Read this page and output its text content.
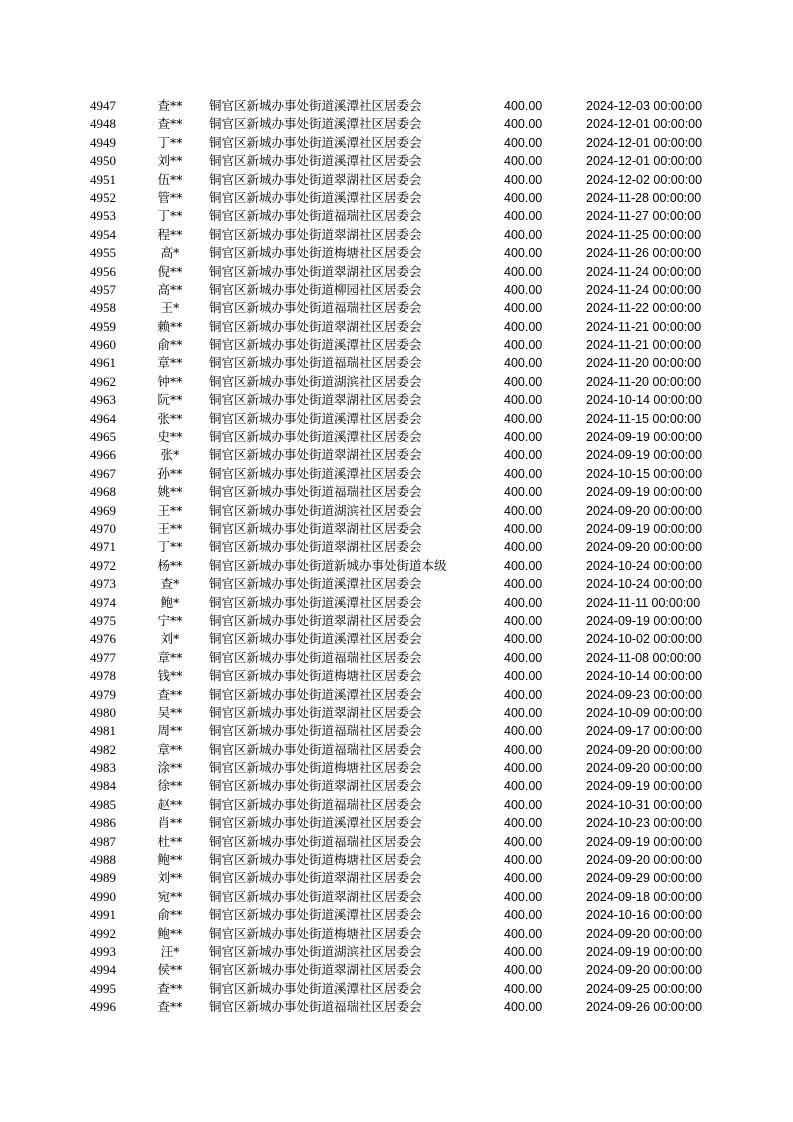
4947	查**	铜官区新城办事处街道溪潭社区居委会	400.00	2024-12-03 00:00:00
4948	查**	铜官区新城办事处街道溪潭社区居委会	400.00	2024-12-01 00:00:00
4949	丁**	铜官区新城办事处街道溪潭社区居委会	400.00	2024-12-01 00:00:00
4950	刘**	铜官区新城办事处街道溪潭社区居委会	400.00	2024-12-01 00:00:00
4951	伍**	铜官区新城办事处街道翠湖社区居委会	400.00	2024-12-02 00:00:00
4952	管**	铜官区新城办事处街道溪潭社区居委会	400.00	2024-11-28 00:00:00
4953	丁**	铜官区新城办事处街道福瑞社区居委会	400.00	2024-11-27 00:00:00
4954	程**	铜官区新城办事处街道翠湖社区居委会	400.00	2024-11-25 00:00:00
4955	高*	铜官区新城办事处街道梅塘社区居委会	400.00	2024-11-26 00:00:00
4956	倪**	铜官区新城办事处街道翠湖社区居委会	400.00	2024-11-24 00:00:00
4957	高**	铜官区新城办事处街道柳园社区居委会	400.00	2024-11-24 00:00:00
4958	王*	铜官区新城办事处街道福瑞社区居委会	400.00	2024-11-22 00:00:00
4959	赖**	铜官区新城办事处街道翠湖社区居委会	400.00	2024-11-21 00:00:00
4960	俞**	铜官区新城办事处街道溪潭社区居委会	400.00	2024-11-21 00:00:00
4961	章**	铜官区新城办事处街道福瑞社区居委会	400.00	2024-11-20 00:00:00
4962	钟**	铜官区新城办事处街道湖滨社区居委会	400.00	2024-11-20 00:00:00
4963	阮**	铜官区新城办事处街道翠湖社区居委会	400.00	2024-10-14 00:00:00
4964	张**	铜官区新城办事处街道溪潭社区居委会	400.00	2024-11-15 00:00:00
4965	史**	铜官区新城办事处街道溪潭社区居委会	400.00	2024-09-19 00:00:00
4966	张*	铜官区新城办事处街道翠湖社区居委会	400.00	2024-09-19 00:00:00
4967	孙**	铜官区新城办事处街道溪潭社区居委会	400.00	2024-10-15 00:00:00
4968	姚**	铜官区新城办事处街道福瑞社区居委会	400.00	2024-09-19 00:00:00
4969	王**	铜官区新城办事处街道湖滨社区居委会	400.00	2024-09-20 00:00:00
4970	王**	铜官区新城办事处街道翠湖社区居委会	400.00	2024-09-19 00:00:00
4971	丁**	铜官区新城办事处街道翠湖社区居委会	400.00	2024-09-20 00:00:00
4972	杨**	铜官区新城办事处街道新城办事处街道本级	400.00	2024-10-24 00:00:00
4973	查*	铜官区新城办事处街道溪潭社区居委会	400.00	2024-10-24 00:00:00
4974	鲍*	铜官区新城办事处街道溪潭社区居委会	400.00	2024-11-11 00:00:00
4975	宁**	铜官区新城办事处街道翠湖社区居委会	400.00	2024-09-19 00:00:00
4976	刘*	铜官区新城办事处街道溪潭社区居委会	400.00	2024-10-02 00:00:00
4977	章**	铜官区新城办事处街道福瑞社区居委会	400.00	2024-11-08 00:00:00
4978	钱**	铜官区新城办事处街道梅塘社区居委会	400.00	2024-10-14 00:00:00
4979	查**	铜官区新城办事处街道溪潭社区居委会	400.00	2024-09-23 00:00:00
4980	吴**	铜官区新城办事处街道翠湖社区居委会	400.00	2024-10-09 00:00:00
4981	周**	铜官区新城办事处街道福瑞社区居委会	400.00	2024-09-17 00:00:00
4982	章**	铜官区新城办事处街道福瑞社区居委会	400.00	2024-09-20 00:00:00
4983	涂**	铜官区新城办事处街道梅塘社区居委会	400.00	2024-09-20 00:00:00
4984	徐**	铜官区新城办事处街道翠湖社区居委会	400.00	2024-09-19 00:00:00
4985	赵**	铜官区新城办事处街道福瑞社区居委会	400.00	2024-10-31 00:00:00
4986	肖**	铜官区新城办事处街道溪潭社区居委会	400.00	2024-10-23 00:00:00
4987	杜**	铜官区新城办事处街道福瑞社区居委会	400.00	2024-09-19 00:00:00
4988	鲍**	铜官区新城办事处街道梅塘社区居委会	400.00	2024-09-20 00:00:00
4989	刘**	铜官区新城办事处街道翠湖社区居委会	400.00	2024-09-29 00:00:00
4990	宛**	铜官区新城办事处街道翠湖社区居委会	400.00	2024-09-18 00:00:00
4991	俞**	铜官区新城办事处街道溪潭社区居委会	400.00	2024-10-16 00:00:00
4992	鲍**	铜官区新城办事处街道梅塘社区居委会	400.00	2024-09-20 00:00:00
4993	汪*	铜官区新城办事处街道湖滨社区居委会	400.00	2024-09-19 00:00:00
4994	侯**	铜官区新城办事处街道翠湖社区居委会	400.00	2024-09-20 00:00:00
4995	查**	铜官区新城办事处街道溪潭社区居委会	400.00	2024-09-25 00:00:00
4996	查**	铜官区新城办事处街道福瑞社区居委会	400.00	2024-09-26 00:00:00
